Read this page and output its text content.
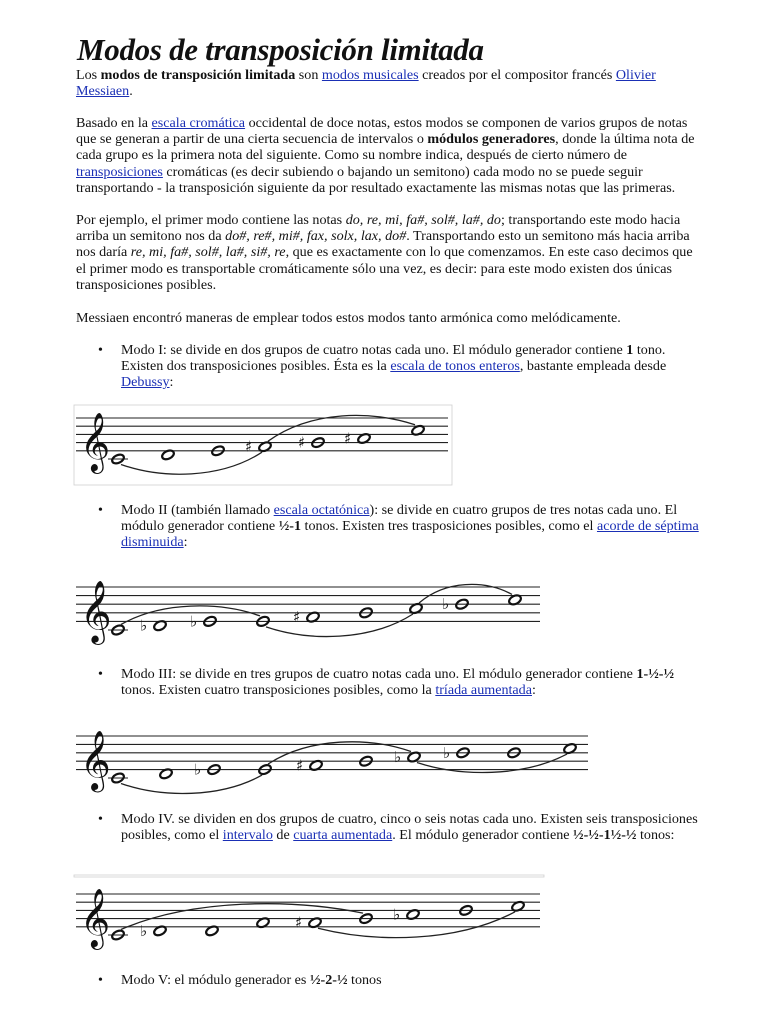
Modos de transposición limitada

Los modos de transposición limitada son modos musicales creados por el compositor francés Olivier Messiaen.

Basado en la escala cromática occidental de doce notas, estos modos se componen de varios grupos de notas que se generan a partir de una cierta secuencia de intervalos o módulos generadores, donde la última nota de cada grupo es la primera nota del siguiente. Como su nombre indica, después de cierto número de transposiciones cromáticas (es decir subiendo o bajando un semitono) cada modo no se puede seguir transportando - la transposición siguiente da por resultado exactamente las mismas notas que las primeras.

Por ejemplo, el primer modo contiene las notas do, re, mi, fa#, sol#, la#, do; transportando este modo hacia arriba un semitono nos da do#, re#, mi#, fax, solx, lax, do#. Transportando esto un semitono más hacia arriba nos daría re, mi, fa#, sol#, la#, si#, re, que es exactamente con lo que comenzamos. En este caso decimos que el primer modo es transportable cromáticamente sólo una vez, es decir: para este modo existen dos únicas transposiciones posibles.

Messiaen encontró maneras de emplear todos estos modos tanto armónica como melódicamente.

• Modo I: se divide en dos grupos de cuatro notas cada uno. El módulo generador contiene 1 tono. Existen dos transposiciones posibles. Ésta es la escala de tonos enteros, bastante empleada desde Debussy:

• Modo II (también llamado escala octatónica): se divide en cuatro grupos de tres notas cada uno. El módulo generador contiene ½-1 tonos. Existen tres trasposiciones posibles, como el acorde de séptima disminuida:

• Modo III: se divide en tres grupos de cuatro notas cada uno. El módulo generador contiene 1-½-½ tonos. Existen cuatro transposiciones posibles, como la tríada aumentada:

• Modo IV. se dividen en dos grupos de cuatro, cinco o seis notas cada uno. Existen seis transposiciones posibles, como el intervalo de cuarta aumentada. El módulo generador contiene ½-½-1½-½ tonos:

• Modo V: el módulo generador es ½-2-½ tonos

𝄞	♯	♯	♯
𝄞 ♭	♭	♯
♭
𝄞	♭	♯	♭	♭
𝄞 ♭	♯	♭
